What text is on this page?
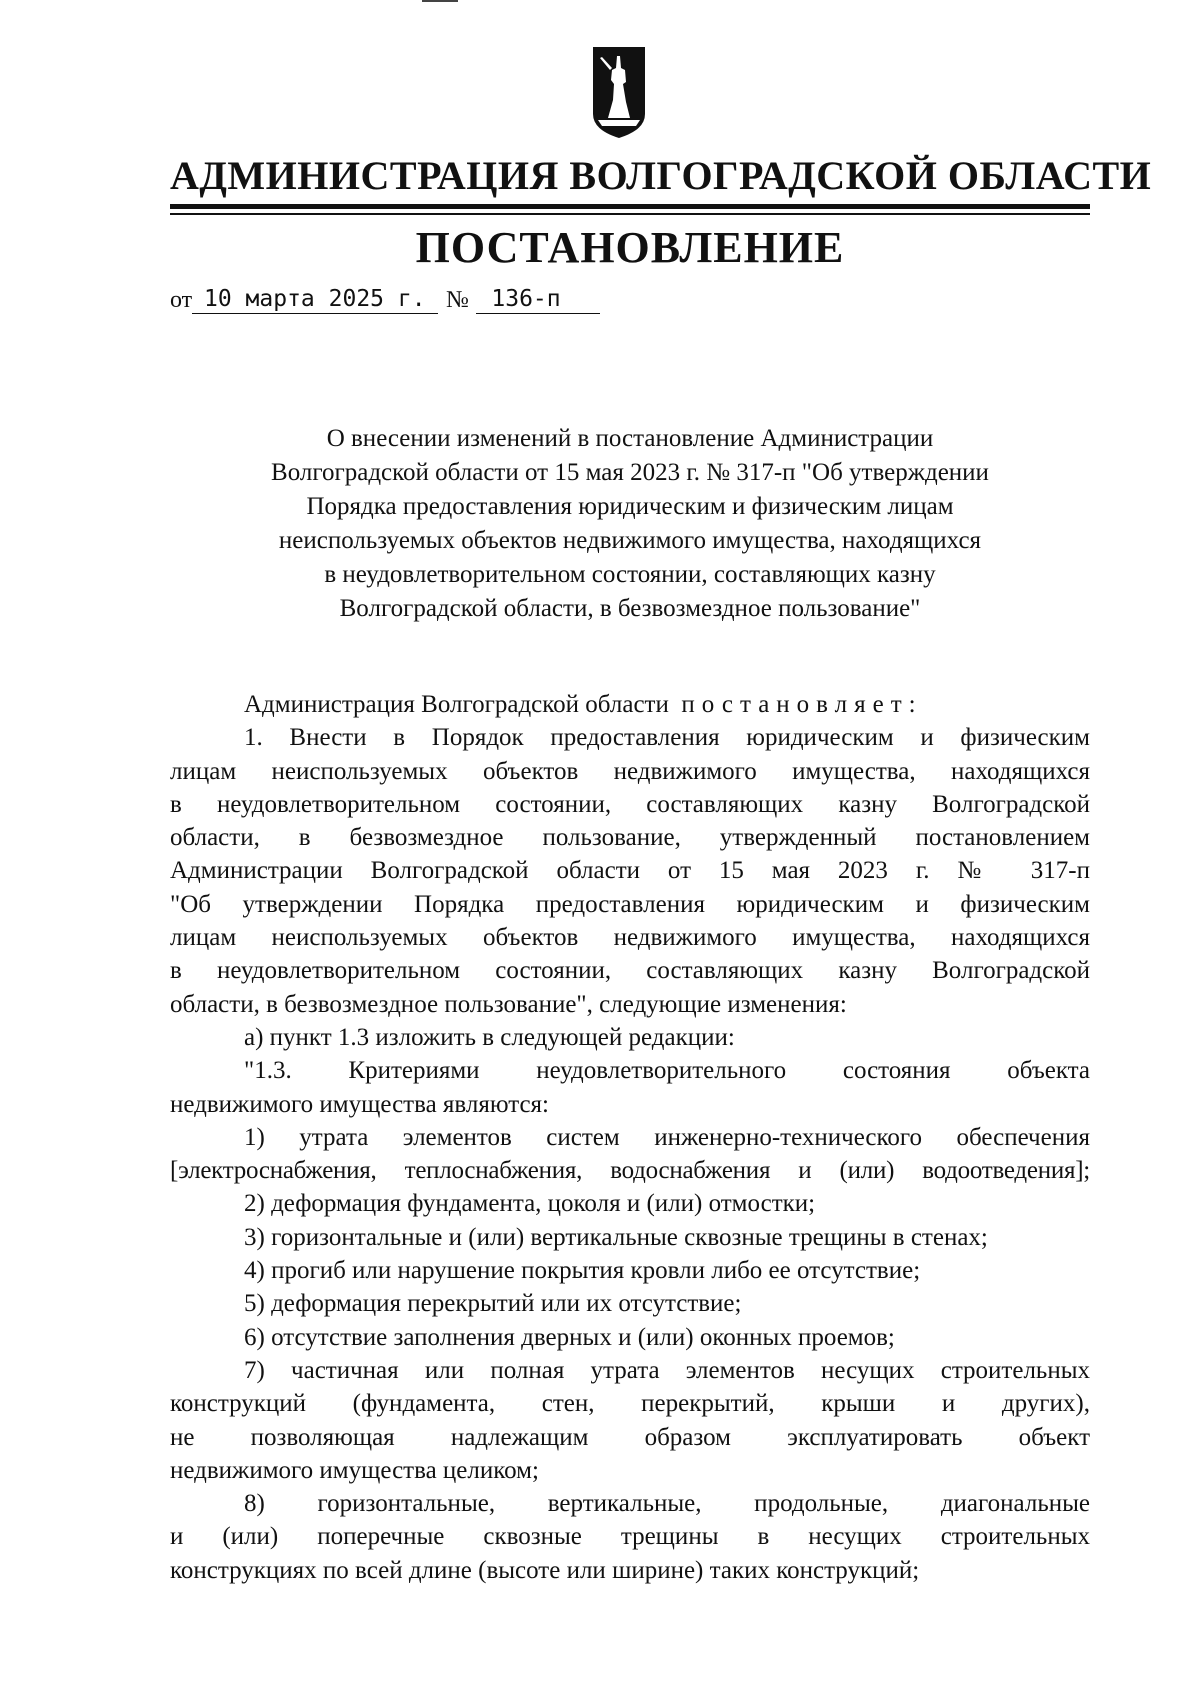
АДМИНИСТРАЦИЯ ВОЛГОГРАДСКОЙ ОБЛАСТИ
ПОСТАНОВЛЕНИЕ
от 10 марта 2025 г. № 136-п
О внесении изменений в постановление Администрации
Волгоградской области от 15 мая 2023 г. № 317-п "Об утверждении
Порядка предоставления юридическим и физическим лицам
неиспользуемых объектов недвижимого имущества, находящихся
в неудовлетворительном состоянии, составляющих казну
Волгоградской области, в безвозмездное пользование"
Администрация Волгоградской области постановляет:
1. Внести в Порядок предоставления юридическим и физическим
лицам неиспользуемых объектов недвижимого имущества, находящихся
в неудовлетворительном состоянии, составляющих казну Волгоградской
области, в безвозмездное пользование, утвержденный постановлением
Администрации Волгоградской области от 15 мая 2023 г. № 317-п
"Об утверждении Порядка предоставления юридическим и физическим
лицам неиспользуемых объектов недвижимого имущества, находящихся
в неудовлетворительном состоянии, составляющих казну Волгоградской
области, в безвозмездное пользование", следующие изменения:
а) пункт 1.3 изложить в следующей редакции:
"1.3. Критериями неудовлетворительного состояния объекта
недвижимого имущества являются:
1) утрата элементов систем инженерно-технического обеспечения
[электроснабжения, теплоснабжения, водоснабжения и (или) водоотведения];
2) деформация фундамента, цоколя и (или) отмостки;
3) горизонтальные и (или) вертикальные сквозные трещины в стенах;
4) прогиб или нарушение покрытия кровли либо ее отсутствие;
5) деформация перекрытий или их отсутствие;
6) отсутствие заполнения дверных и (или) оконных проемов;
7) частичная или полная утрата элементов несущих строительных
конструкций (фундамента, стен, перекрытий, крыши и других),
не позволяющая надлежащим образом эксплуатировать объект
недвижимого имущества целиком;
8) горизонтальные, вертикальные, продольные, диагональные
и (или) поперечные сквозные трещины в несущих строительных
конструкциях по всей длине (высоте или ширине) таких конструкций;
